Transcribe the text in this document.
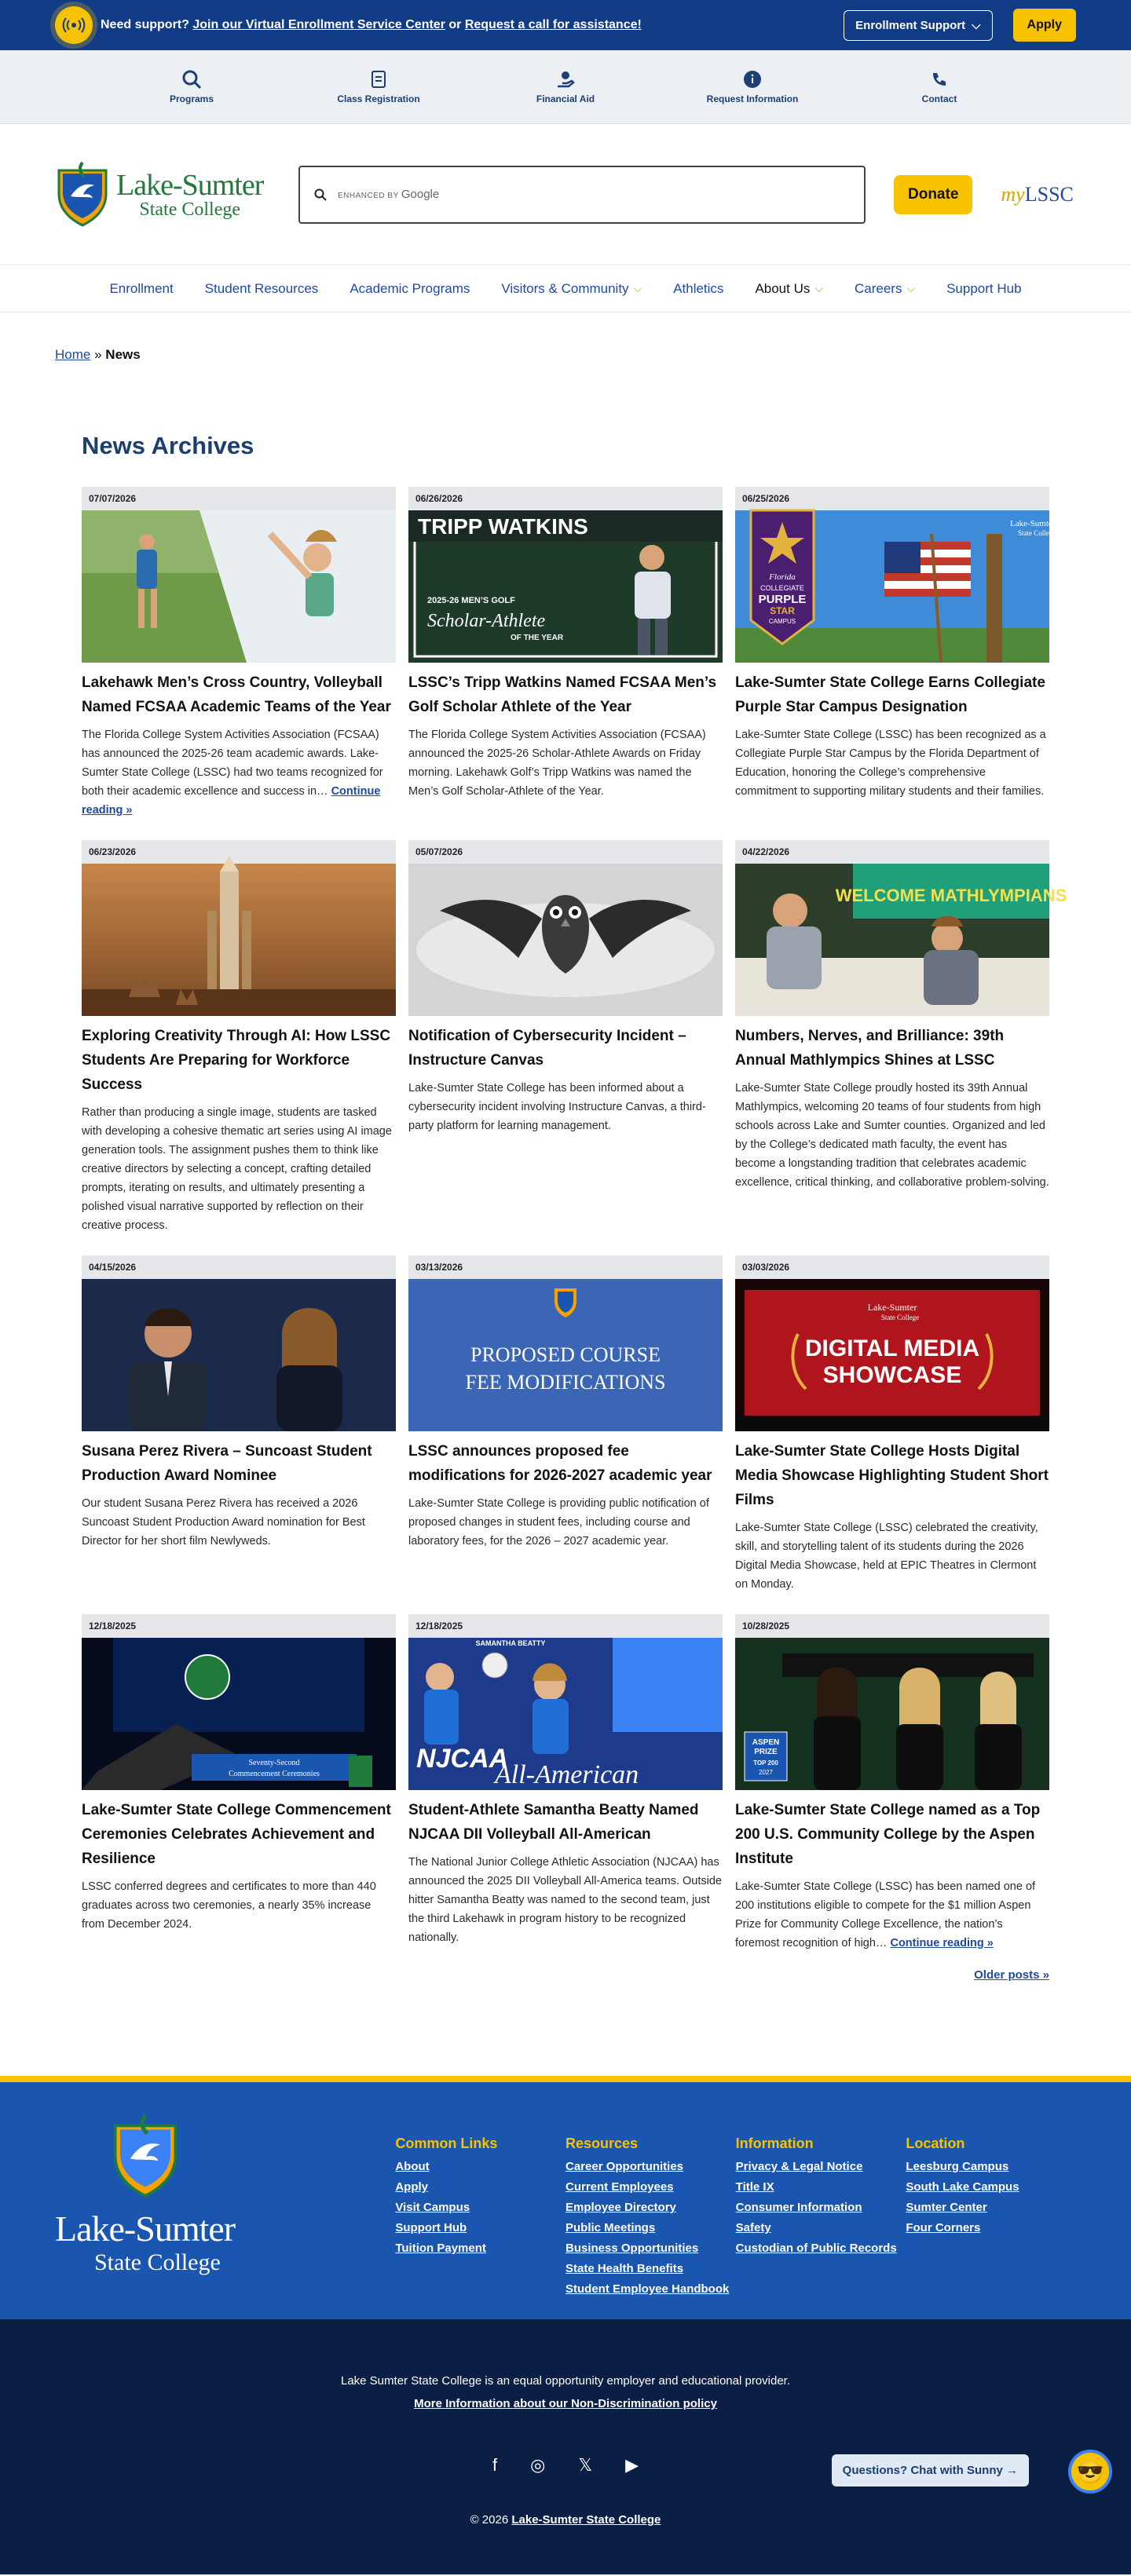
Need support? Join our Virtual Enrollment Service Center or Request a call for assistance!	Enrollment Support ⌵	Apply
Programs	Class Registration	Financial Aid	Request Information	Contact
Lake-Sumter
State College
ENHANCED BY Google	Donate	myLSSC
Enrollment Student Resources Academic Programs Visitors & Community ⌵ Athletics About Us ⌵ Careers ⌵ Support Hub
Home » News
News Archives
07/07/2026
Lakehawk Men’s Cross Country, Volleyball Named FCSAA Academic Teams of the Year

The Florida College System Activities Association (FCSAA) has announced the 2025-26 team academic awards. Lake-Sumter State College (LSSC) had two teams recognized for both their academic excellence and success in… Continue reading »

06/26/2026
TRIPP WATKINS
2025-26 MEN’S GOLF
Scholar-Athlete
OF THE YEAR
LSSC’s Tripp Watkins Named FCSAA Men’s Golf Scholar Athlete of the Year

The Florida College System Activities Association (FCSAA) announced the 2025-26 Scholar-Athlete Awards on Friday morning. Lakehawk Golf’s Tripp Watkins was named the Men’s Golf Scholar-Athlete of the Year.

06/25/2026
Florida
COLLEGIATE
PURPLE
STAR
CAMPUS
Lake-Sumter
State College
Lake-Sumter State College Earns Collegiate Purple Star Campus Designation

Lake-Sumter State College (LSSC) has been recognized as a Collegiate Purple Star Campus by the Florida Department of Education, honoring the College’s comprehensive commitment to supporting military students and their families.

06/23/2026
Exploring Creativity Through AI: How LSSC Students Are Preparing for Workforce Success

Rather than producing a single image, students are tasked with developing a cohesive thematic art series using AI image generation tools. The assignment pushes them to think like creative directors by selecting a concept, crafting detailed prompts, iterating on results, and ultimately presenting a polished visual narrative supported by reflection on their creative process.

05/07/2026
Notification of Cybersecurity Incident – Instructure Canvas

Lake-Sumter State College has been informed about a cybersecurity incident involving Instructure Canvas, a third-party platform for learning management.

04/22/2026
WELCOME MATHLYMPIANS
Numbers, Nerves, and Brilliance: 39th Annual Mathlympics Shines at LSSC

Lake-Sumter State College proudly hosted its 39th Annual Mathlympics, welcoming 20 teams of four students from high schools across Lake and Sumter counties. Organized and led by the College’s dedicated math faculty, the event has become a longstanding tradition that celebrates academic excellence, critical thinking, and collaborative problem-solving.

04/15/2026
Susana Perez Rivera – Suncoast Student Production Award Nominee

Our student Susana Perez Rivera has received a 2026 Suncoast Student Production Award nomination for Best Director for her short film Newlyweds.

03/13/2026
PROPOSED COURSE
FEE MODIFICATIONS
LSSC announces proposed fee modifications for 2026-2027 academic year

Lake-Sumter State College is providing public notification of proposed changes in student fees, including course and laboratory fees, for the 2026 – 2027 academic year.

03/03/2026
Lake-Sumter
State College
DIGITAL MEDIA
SHOWCASE
Lake-Sumter State College Hosts Digital Media Showcase Highlighting Student Short Films

Lake-Sumter State College (LSSC) celebrated the creativity, skill, and storytelling talent of its students during the 2026 Digital Media Showcase, held at EPIC Theatres in Clermont on Monday.

12/18/2025
Seventy-Second
Commencement Ceremonies
Lake-Sumter State College Commencement Ceremonies Celebrates Achievement and Resilience

LSSC conferred degrees and certificates to more than 440 graduates across two ceremonies, a nearly 35% increase from December 2024.

12/18/2025
SAMANTHA BEATTY
NJCAA
All-American
Student-Athlete Samantha Beatty Named NJCAA DII Volleyball All-American

The National Junior College Athletic Association (NJCAA) has announced the 2025 DII Volleyball All-America teams. Outside hitter Samantha Beatty was named to the second team, just the third Lakehawk in program history to be recognized nationally.

10/28/2025
ASPEN
PRIZE
TOP 200
2027
Lake-Sumter State College named as a Top 200 U.S. Community College by the Aspen Institute

Lake-Sumter State College (LSSC) has been named one of 200 institutions eligible to compete for the $1 million Aspen Prize for Community College Excellence, the nation’s foremost recognition of high… Continue reading »

Older posts »
Lake-Sumter
State College
Common Links
About
Apply
Visit Campus
Support Hub
Tuition Payment
Resources
Career Opportunities
Current Employees
Employee Directory
Public Meetings
Business Opportunities
State Health Benefits
Student Employee Handbook
Information
Privacy & Legal Notice
Title IX
Consumer Information
Safety
Custodian of Public Records
Location
Leesburg Campus
South Lake Campus
Sumter Center
Four Corners
Lake Sumter State College is an equal opportunity employer and educational provider.
More Information about our Non-Discrimination policy
f ◎ 𝕏 ▶
© 2026 Lake-Sumter State College
Questions? Chat with Sunny →	😎
